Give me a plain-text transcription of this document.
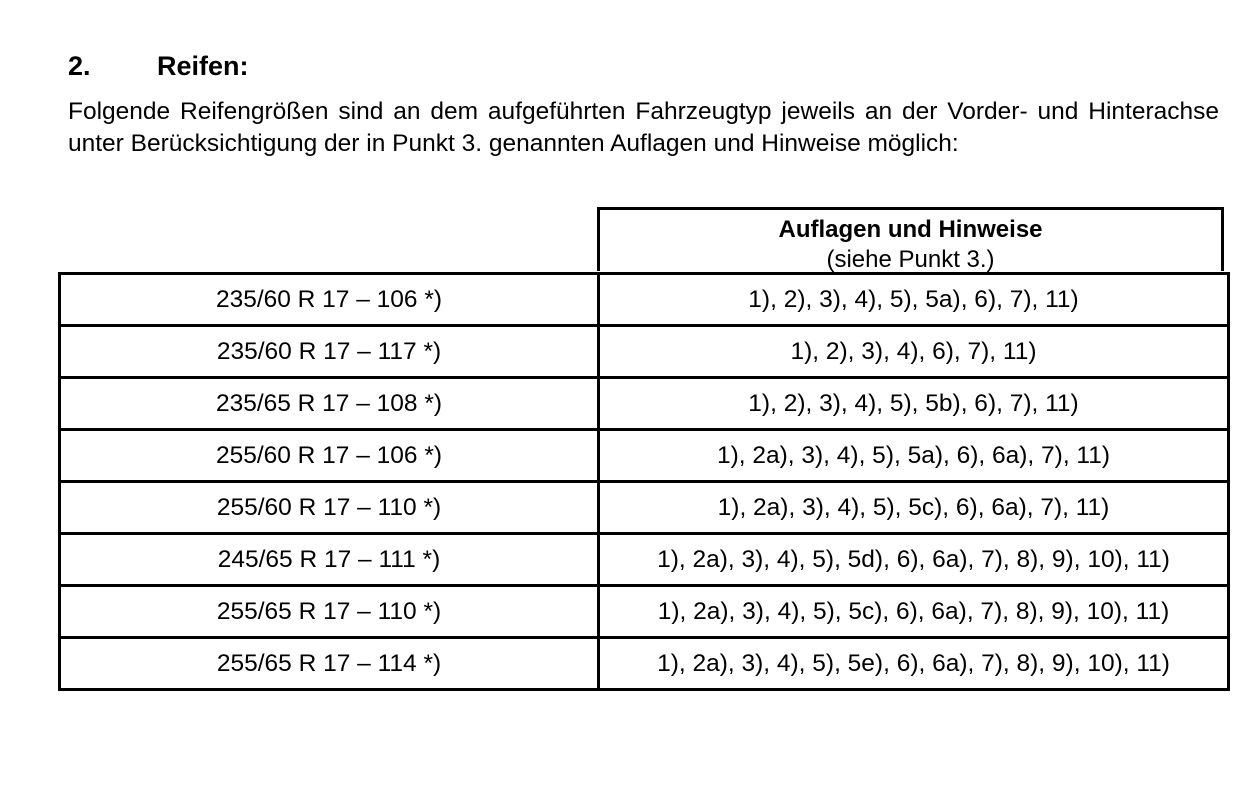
2. Reifen:
Folgende Reifengrößen sind an dem aufgeführten Fahrzeugtyp jeweils an der Vorder- und Hinterachse unter Berücksichtigung der in Punkt 3. genannten Auflagen und Hinweise möglich:
Auflagen und Hinweise
(siehe Punkt 3.)
235/60 R 17 – 106 *)	1), 2), 3), 4), 5), 5a), 6), 7), 11)
235/60 R 17 – 117 *)	1), 2), 3), 4), 6), 7), 11)
235/65 R 17 – 108 *)	1), 2), 3), 4), 5), 5b), 6), 7), 11)
255/60 R 17 – 106 *)	1), 2a), 3), 4), 5), 5a), 6), 6a), 7), 11)
255/60 R 17 – 110 *)	1), 2a), 3), 4), 5), 5c), 6), 6a), 7), 11)
245/65 R 17 – 111 *)	1), 2a), 3), 4), 5), 5d), 6), 6a), 7), 8), 9), 10), 11)
255/65 R 17 – 110 *)	1), 2a), 3), 4), 5), 5c), 6), 6a), 7), 8), 9), 10), 11)
255/65 R 17 – 114 *)	1), 2a), 3), 4), 5), 5e), 6), 6a), 7), 8), 9), 10), 11)
